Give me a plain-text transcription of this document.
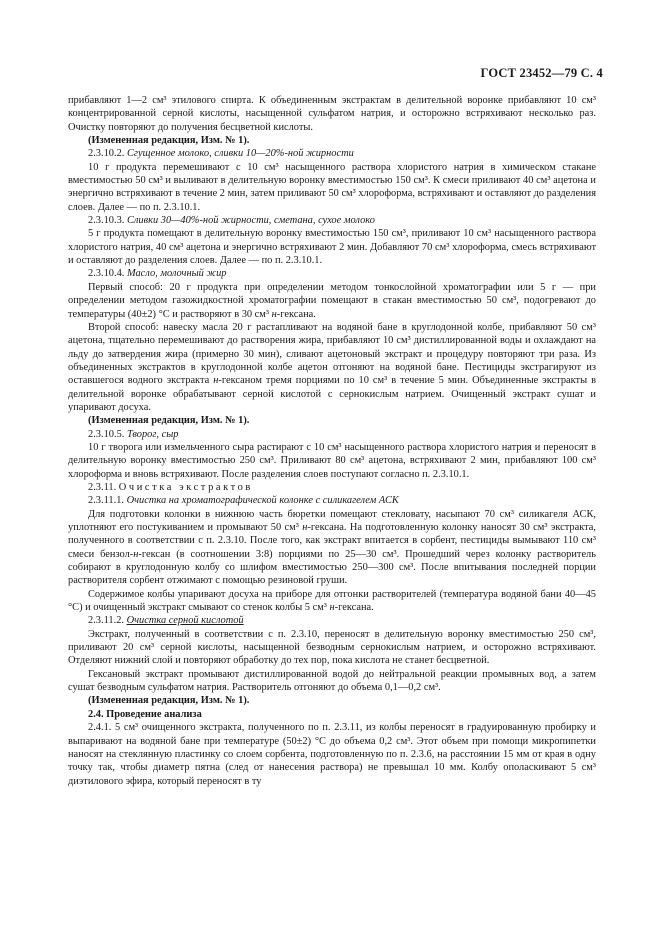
ГОСТ 23452—79 С. 4

прибавляют 1—2 см³ этилового спирта. К объединенным экстрактам в делительной воронке прибавляют 10 см³ концентрированной серной кислоты, насыщенной сульфатом натрия, и осторожно встряхивают несколько раз. Очистку повторяют до получения бесцветной кислоты.

(Измененная редакция, Изм. № 1).

2.3.10.2. Сгущенное молоко, сливки 10—20%-ной жирности

10 г продукта перемешивают с 10 см³ насыщенного раствора хлористого натрия в химическом стакане вместимостью 50 см³ и выливают в делительную воронку вместимостью 150 см³. К смеси приливают 40 см³ ацетона и энергично встряхивают в течение 2 мин, затем приливают 50 см³ хлороформа, встряхивают и оставляют до разделения слоев. Далее — по п. 2.3.10.1.

2.3.10.3. Сливки 30—40%-ной жирности, сметана, сухое молоко

5 г продукта помещают в делительную воронку вместимостью 150 см³, приливают 10 см³ насыщенного раствора хлористого натрия, 40 см³ ацетона и энергично встряхивают 2 мин. Добавляют 70 см³ хлороформа, смесь встряхивают и оставляют до разделения слоев. Далее — по п. 2.3.10.1.

2.3.10.4. Масло, молочный жир

Первый способ: 20 г продукта при определении методом тонкослойной хроматографии или 5 г — при определении методом газожидкостной хроматографии помещают в стакан вместимостью 50 см³, подогревают до температуры (40±2) °С и растворяют в 30 см³ н-гексана.

Второй способ: навеску масла 20 г растапливают на водяной бане в круглодонной колбе, прибавляют 50 см³ ацетона, тщательно перемешивают до растворения жира, прибавляют 10 см³ дистиллированной воды и охлаждают на льду до затвердения жира (примерно 30 мин), сливают ацетоновый экстракт и процедуру повторяют три раза. Из объединенных экстрактов в круглодонной колбе ацетон отгоняют на водяной бане. Пестициды экстрагируют из оставшегося водного экстракта н-гексаном тремя порциями по 10 см³ в течение 5 мин. Объединенные экстракты в делительной воронке обрабатывают серной кислотой с сернокислым натрием. Очищенный экстракт сушат и упаривают досуха.

(Измененная редакция, Изм. № 1).

2.3.10.5. Творог, сыр

10 г творога или измельченного сыра растирают с 10 см³ насыщенного раствора хлористого натрия и переносят в делительную воронку вместимостью 250 см³. Приливают 80 см³ ацетона, встряхивают 2 мин, прибавляют 100 см³ хлороформа и вновь встряхивают. После разделения слоев поступают согласно п. 2.3.10.1.

2.3.11. Очистка экстрактов

2.3.11.1. Очистка на хроматографической колонке с силикагелем АСК

Для подготовки колонки в нижнюю часть бюретки помещают стекловату, насыпают 70 см³ силикагеля АСК, уплотняют его постукиванием и промывают 50 см³ н-гексана. На подготовленную колонку наносят 30 см³ экстракта, полученного в соответствии с п. 2.3.10. После того, как экстракт впитается в сорбент, пестициды вымывают 110 см³ смеси бензол-н-гексан (в соотношении 3:8) порциями по 25—30 см³. Прошедший через колонку растворитель собирают в круглодонную колбу со шлифом вместимостью 250—300 см³. После впитывания последней порции растворителя сорбент отжимают с помощью резиновой груши.

Содержимое колбы упаривают досуха на приборе для отгонки растворителей (температура водяной бани 40—45 °С) и очищенный экстракт смывают со стенок колбы 5 см³ н-гексана.

2.3.11.2. Очистка серной кислотой

Экстракт, полученный в соответствии с п. 2.3.10, переносят в делительную воронку вместимостью 250 см³, приливают 20 см³ серной кислоты, насыщенной безводным сернокислым натрием, и осторожно встряхивают. Отделяют нижний слой и повторяют обработку до тех пор, пока кислота не станет бесцветной.

Гексановый экстракт промывают дистиллированной водой до нейтральной реакции промывных вод, а затем сушат безводным сульфатом натрия. Растворитель отгоняют до объема 0,1—0,2 см³.

(Измененная редакция, Изм. № 1).

2.4. Проведение анализа

2.4.1. 5 см³ очищенного экстракта, полученного по п. 2.3.11, из колбы переносят в градуированную пробирку и выпаривают на водяной бане при температуре (50±2) °С до объема 0,2 см³. Этот объем при помощи микропипетки наносят на стеклянную пластинку со слоем сорбента, подготовленную по п. 2.3.6, на расстоянии 15 мм от края в одну точку так, чтобы диаметр пятна (след от нанесения раствора) не превышал 10 мм. Колбу ополаскивают 5 см³ диэтилового эфира, который переносят в ту
